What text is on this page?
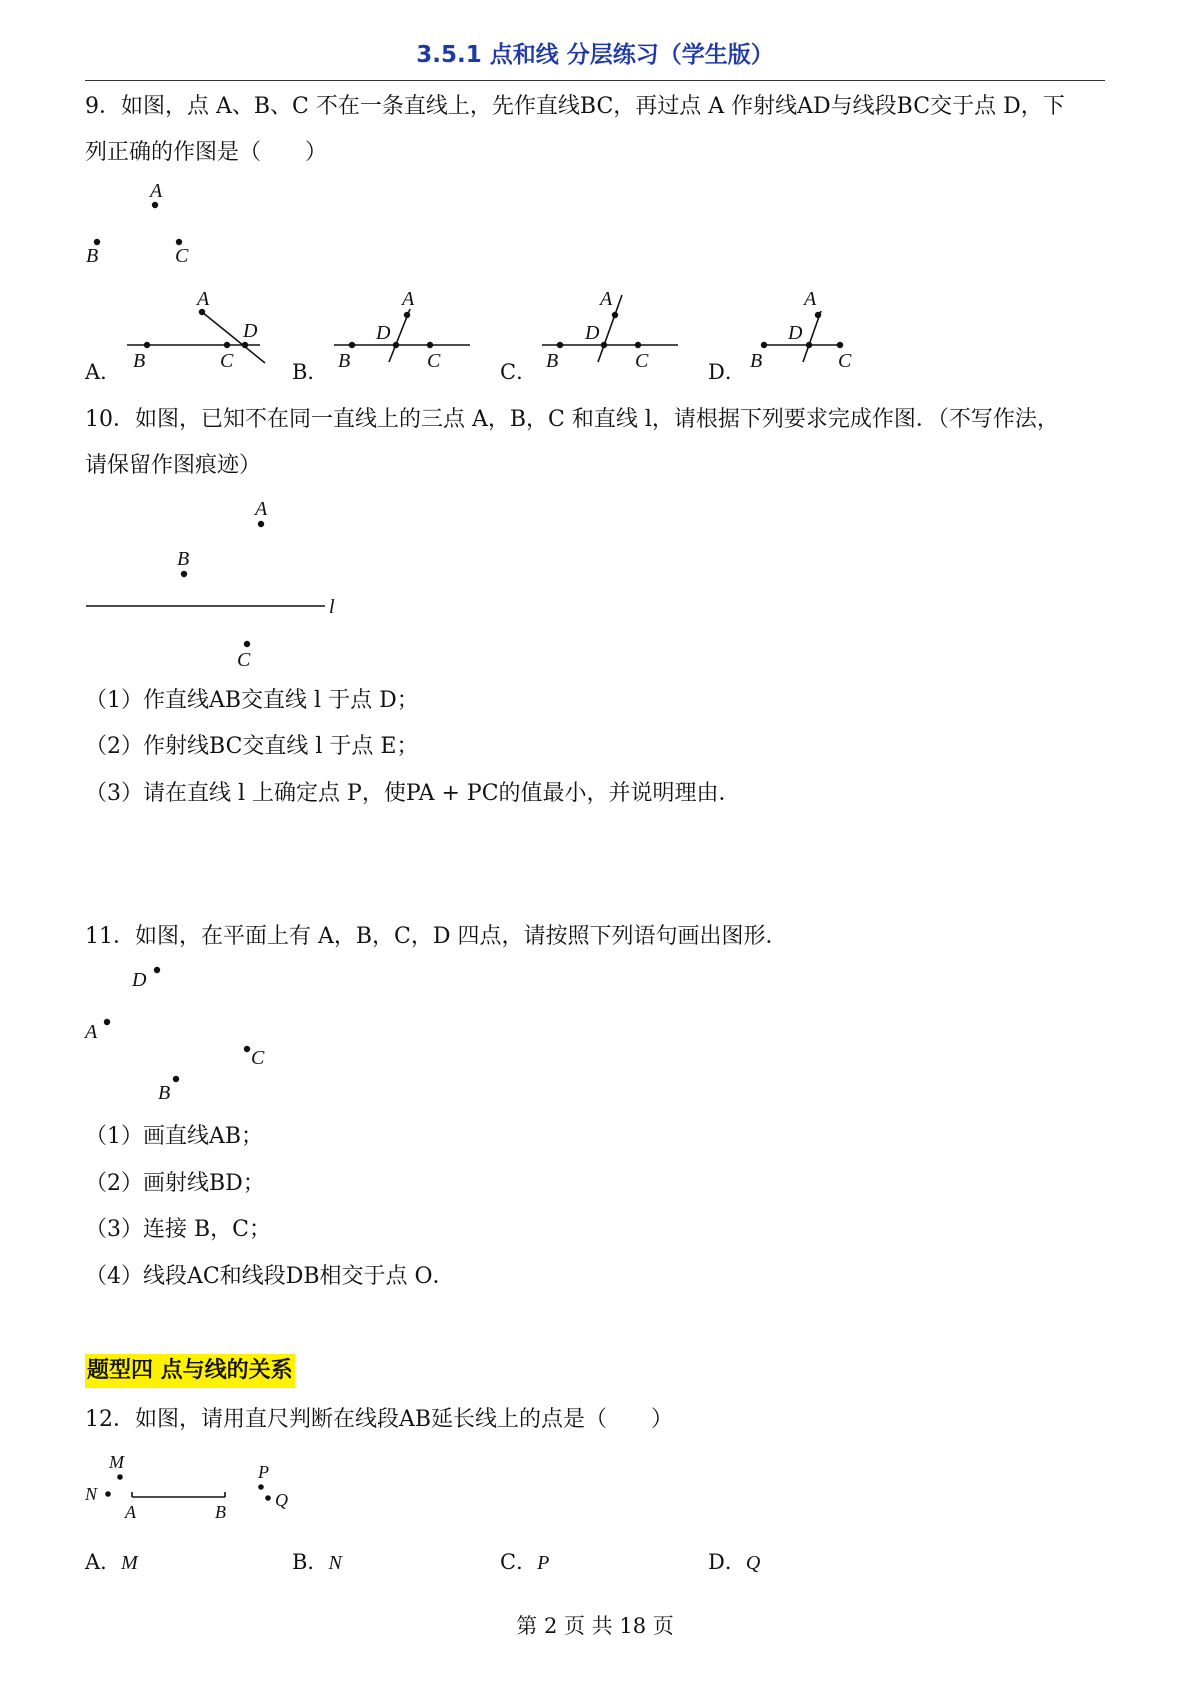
3.5.1 点和线 分层练习（学生版）
9．如图，点 A、B、C 不在一条直线上，先作直线BC，再过点 A 作射线AD与线段BC交于点 D，下
列正确的作图是（　　）
A
B	C
A．
A
D
B	C	B．
A
D
B	C	C．
A
D
B	C	D．
A
D
B	C
10．如图，已知不在同一直线上的三点 A，B，C 和直线 l，请根据下列要求完成作图．（不写作法，
请保留作图痕迹）
A
B
C
l
（1）作直线AB交直线 l 于点 D；
（2）作射线BC交直线 l 于点 E；
（3）请在直线 l 上确定点 P，使PA + PC的值最小，并说明理由．
11．如图，在平面上有 A，B，C，D 四点，请按照下列语句画出图形．
D
A
C
B
（1）画直线AB；
（2）画射线BD；
（3）连接 B，C；
（4）线段AC和线段DB相交于点 O．
题型四 点与线的关系
12．如图，请用直尺判断在线段AB延长线上的点是（　　）
M
N
A	B
P
Q
A．M	B．N	C．P	D．Q
第 2 页 共 18 页
